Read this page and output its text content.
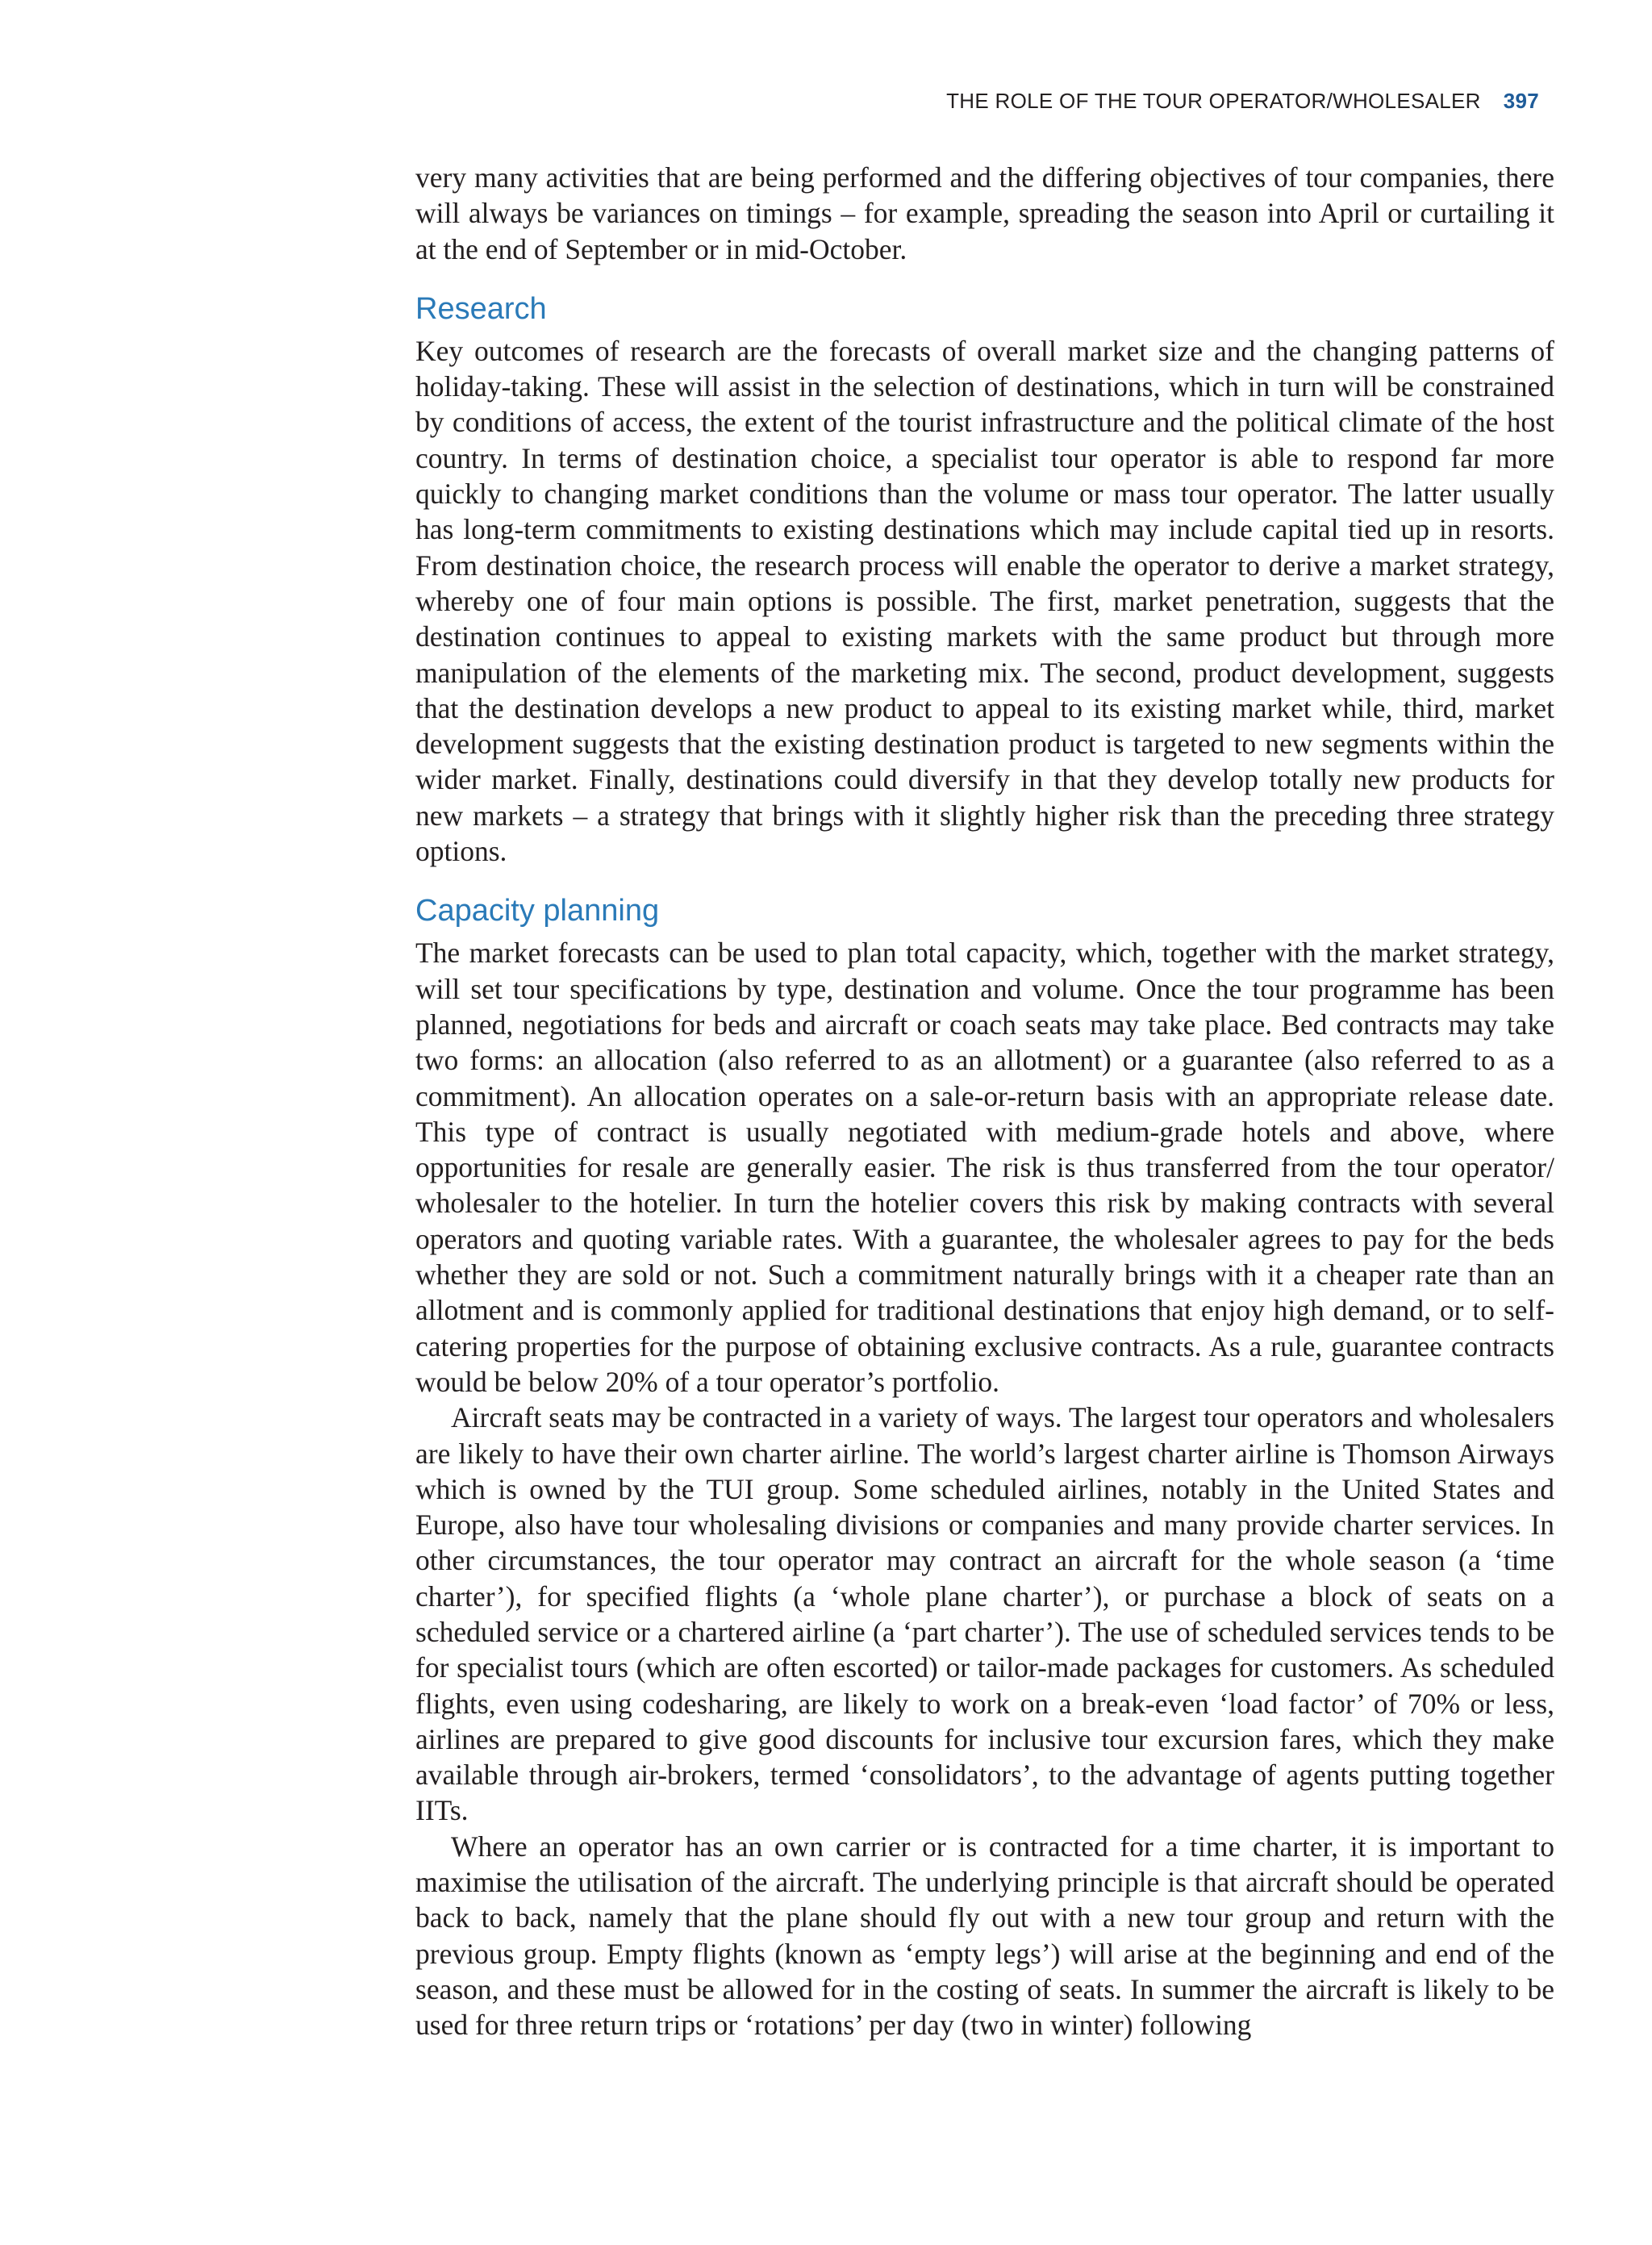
THE ROLE OF THE TOUR OPERATOR/WHOLESALER 397

very many activities that are being performed and the differing objectives of tour companies, there will always be variances on timings – for example, spreading the season into April or curtailing it at the end of September or in mid-October.

Research

Key outcomes of research are the forecasts of overall market size and the changing patterns of holiday-taking. These will assist in the selection of destinations, which in turn will be constrained by conditions of access, the extent of the tourist infrastructure and the political climate of the host country. In terms of destination choice, a specialist tour operator is able to respond far more quickly to changing market conditions than the volume or mass tour operator. The latter usually has long-term commitments to existing destinations which may include capital tied up in resorts. From destination choice, the research process will enable the operator to derive a market strategy, whereby one of four main options is possible. The first, market penetration, suggests that the destination continues to appeal to existing markets with the same product but through more manipulation of the elements of the marketing mix. The second, product development, suggests that the destination develops a new product to appeal to its existing market while, third, market development suggests that the existing destination product is targeted to new segments within the wider market. Finally, destinations could diversify in that they develop totally new products for new markets – a strategy that brings with it slightly higher risk than the preceding three strategy options.

Capacity planning

The market forecasts can be used to plan total capacity, which, together with the market strategy, will set tour specifications by type, destination and volume. Once the tour programme has been planned, negotiations for beds and aircraft or coach seats may take place. Bed contracts may take two forms: an allocation (also referred to as an allotment) or a guarantee (also referred to as a commitment). An allocation operates on a sale-or-return basis with an appropriate release date. This type of contract is usually negotiated with medium-grade hotels and above, where opportunities for resale are generally easier. The risk is thus transferred from the tour operator/​wholesaler to the hotelier. In turn the hotelier covers this risk by making contracts with several operators and quoting variable rates. With a guarantee, the wholesaler agrees to pay for the beds whether they are sold or not. Such a commitment naturally brings with it a cheaper rate than an allotment and is commonly applied for traditional destinations that enjoy high demand, or to self-catering properties for the purpose of obtaining exclusive contracts. As a rule, guarantee contracts would be below 20% of a tour operator’s portfolio.

Aircraft seats may be contracted in a variety of ways. The largest tour operators and wholesalers are likely to have their own charter airline. The world’s largest charter airline is Thomson Airways which is owned by the TUI group. Some scheduled airlines, notably in the United States and Europe, also have tour wholesaling divisions or companies and many provide charter services. In other circumstances, the tour operator may contract an aircraft for the whole season (a ‘time charter’), for specified flights (a ‘whole plane charter’), or purchase a block of seats on a scheduled service or a chartered airline (a ‘part charter’). The use of scheduled services tends to be for specialist tours (which are often escorted) or tailor-made packages for customers. As scheduled flights, even using codesharing, are likely to work on a break-even ‘load factor’ of 70% or less, airlines are prepared to give good discounts for inclusive tour excursion fares, which they make available through air-brokers, termed ‘consolidators’, to the advantage of agents putting together IITs.

Where an operator has an own carrier or is contracted for a time charter, it is important to maximise the utilisation of the aircraft. The underlying principle is that aircraft should be operated back to back, namely that the plane should fly out with a new tour group and return with the previous group. Empty flights (known as ‘empty legs’) will arise at the beginning and end of the season, and these must be allowed for in the costing of seats. In summer the aircraft is likely to be used for three return trips or ‘rotations’ per day (two in winter) following
